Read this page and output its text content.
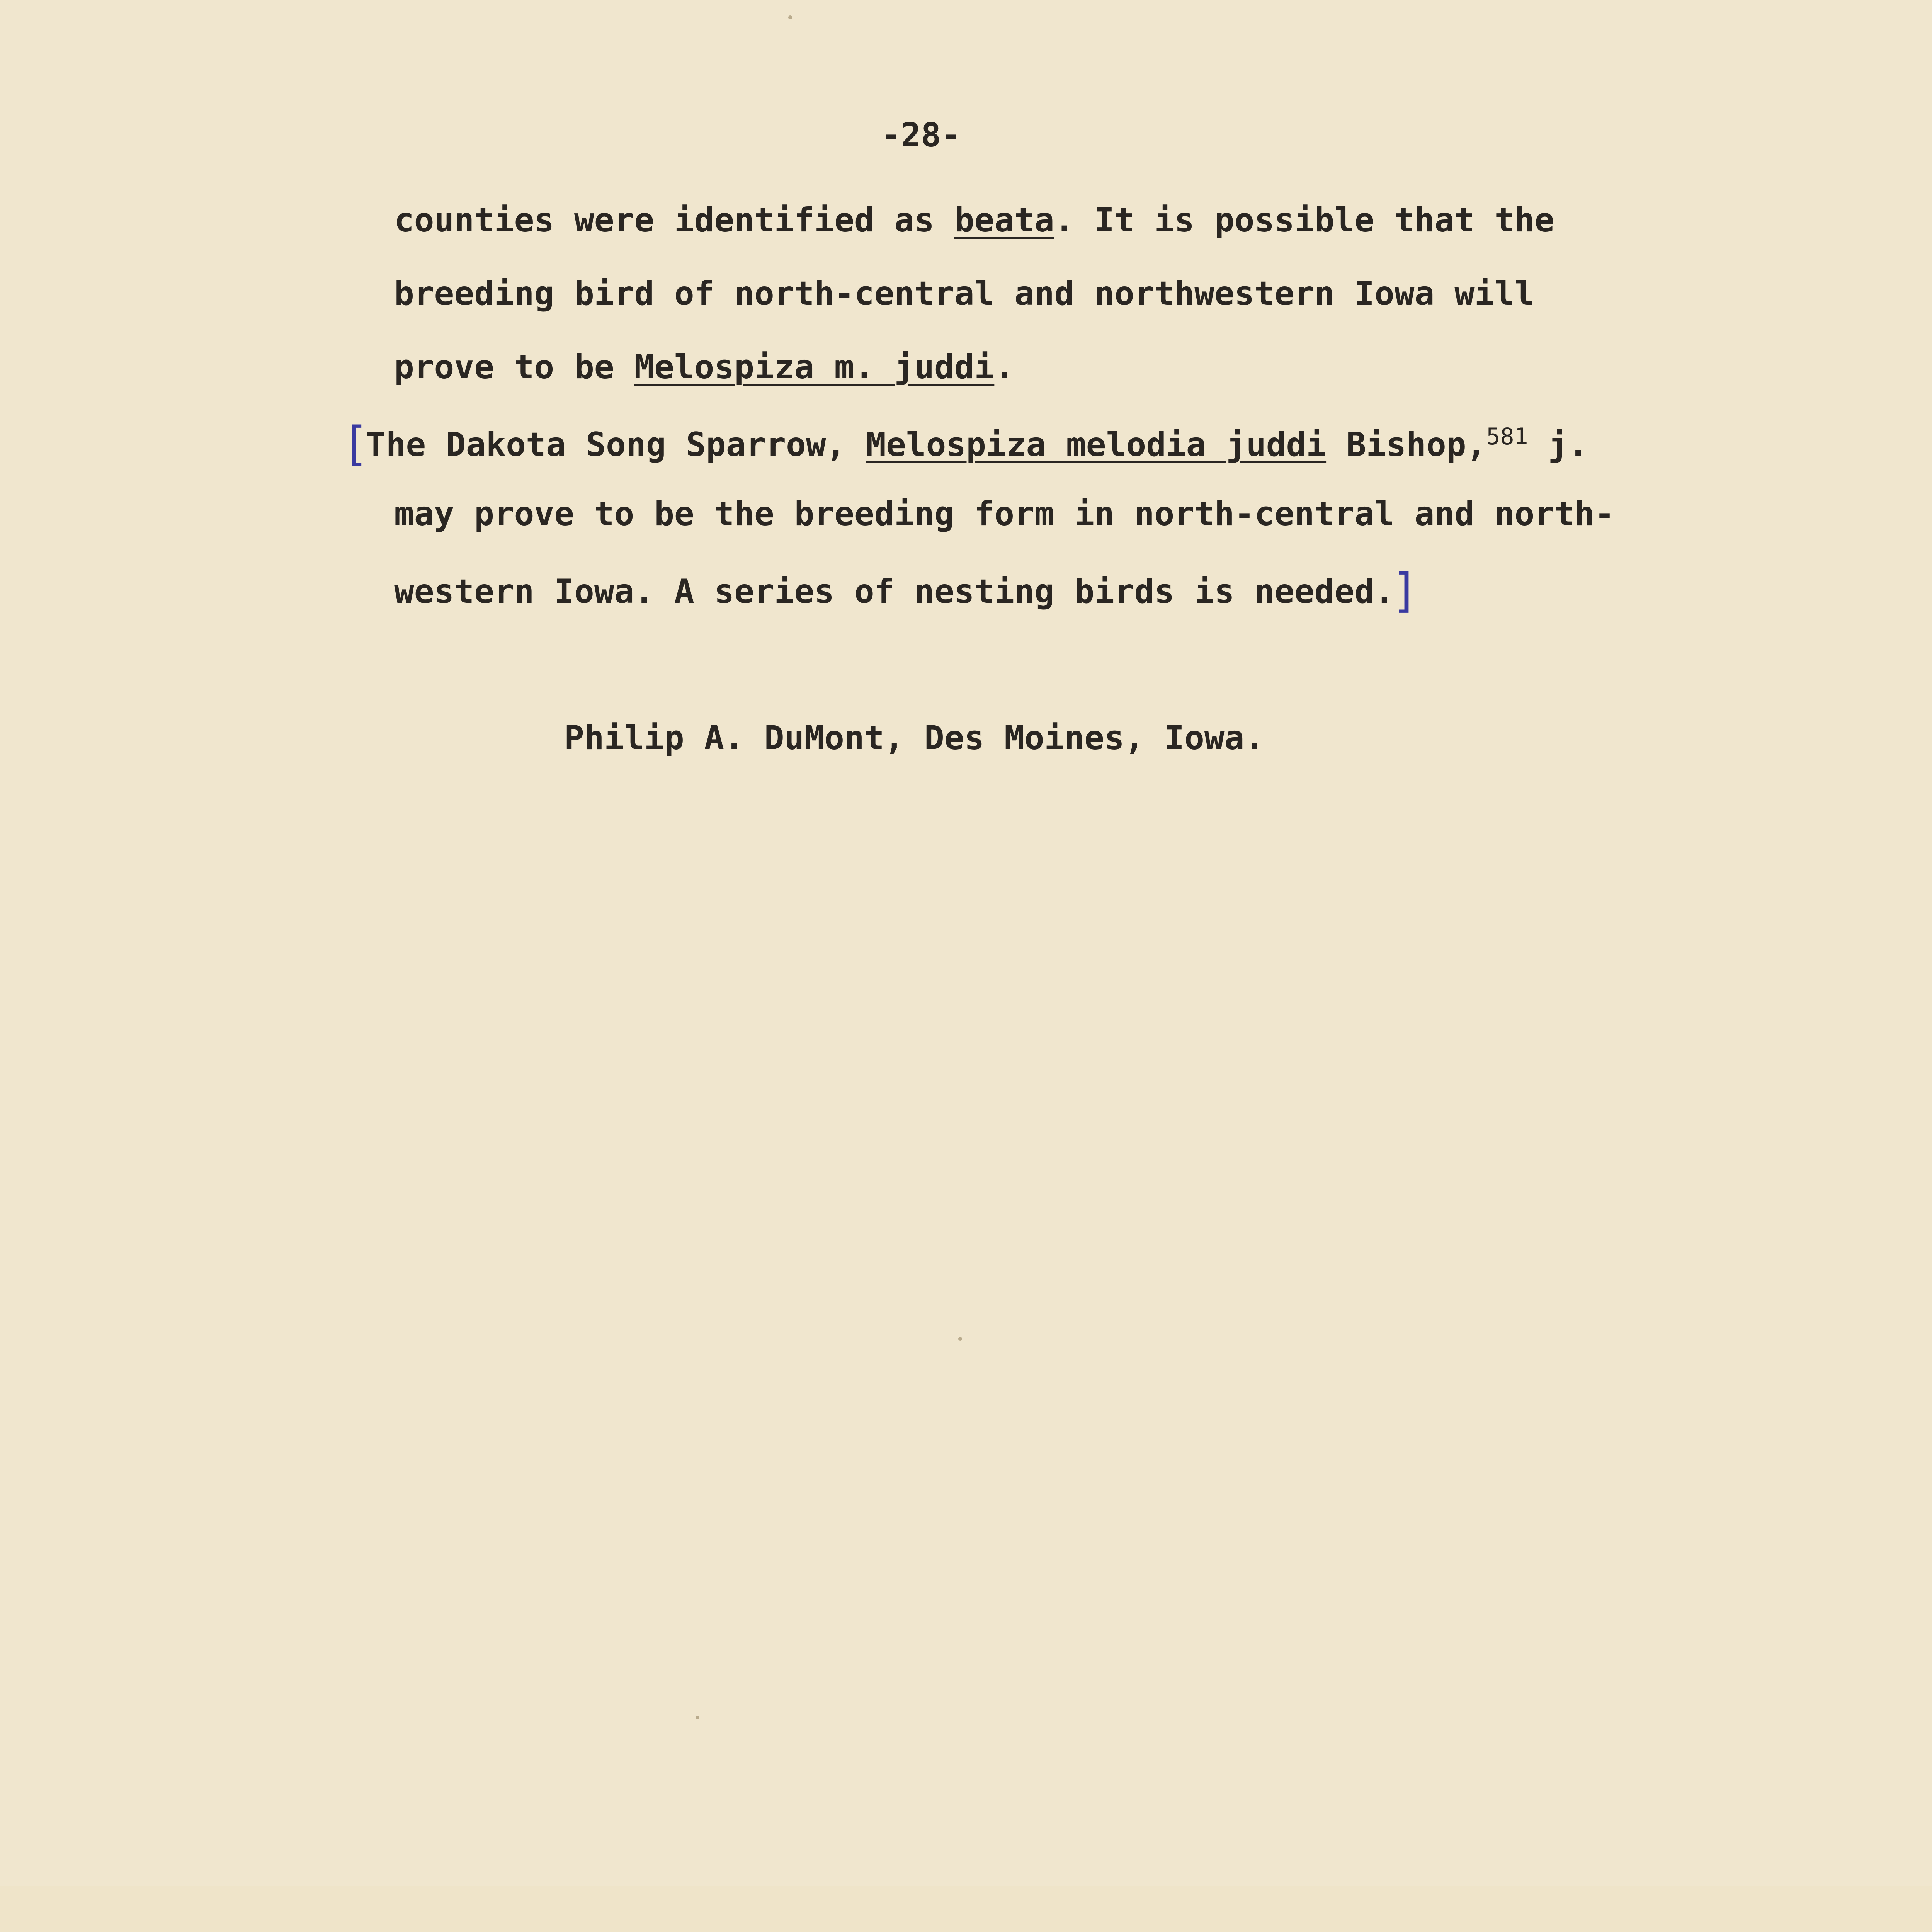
-28-
counties were identified as beata. It is possible that the
breeding bird of north-central and northwestern Iowa will
prove to be Melospiza m. juddi.
[The Dakota Song Sparrow, Melospiza melodia juddi Bishop,$^{581}$ j.
may prove to be the breeding form in north-central and north-
western Iowa. A series of nesting birds is needed.]
Philip A. DuMont, Des Moines, Iowa.
